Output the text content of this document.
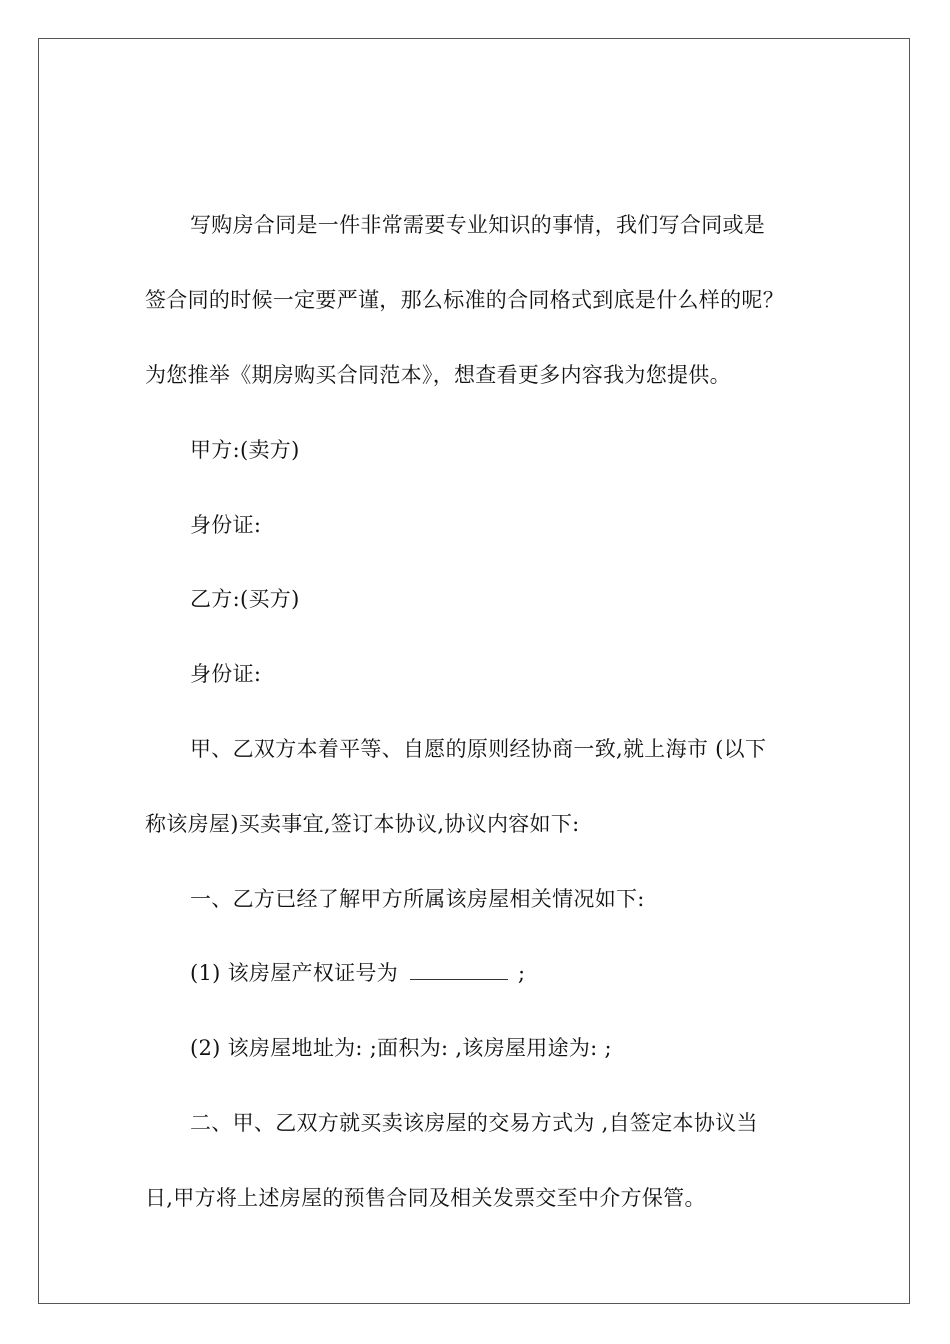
写购房合同是一件非常需要专业知识的事情，我们写合同或是
签合同的时候一定要严谨，那么标准的合同格式到底是什么样的呢？
为您推举《期房购买合同范本》，想查看更多内容我为您提供。
甲方:(卖方)
身份证:
乙方:(买方)
身份证:
甲、乙双方本着平等、自愿的原则经协商一致,就上海市 (以下
称该房屋)买卖事宜,签订本协议,协议内容如下:
一、乙方已经了解甲方所属该房屋相关情况如下:
(1) 该房屋产权证号为	;
(2) 该房屋地址为: ;面积为: ,该房屋用途为: ;
二、甲、乙双方就买卖该房屋的交易方式为 ,自签定本协议当
日,甲方将上述房屋的预售合同及相关发票交至中介方保管。
